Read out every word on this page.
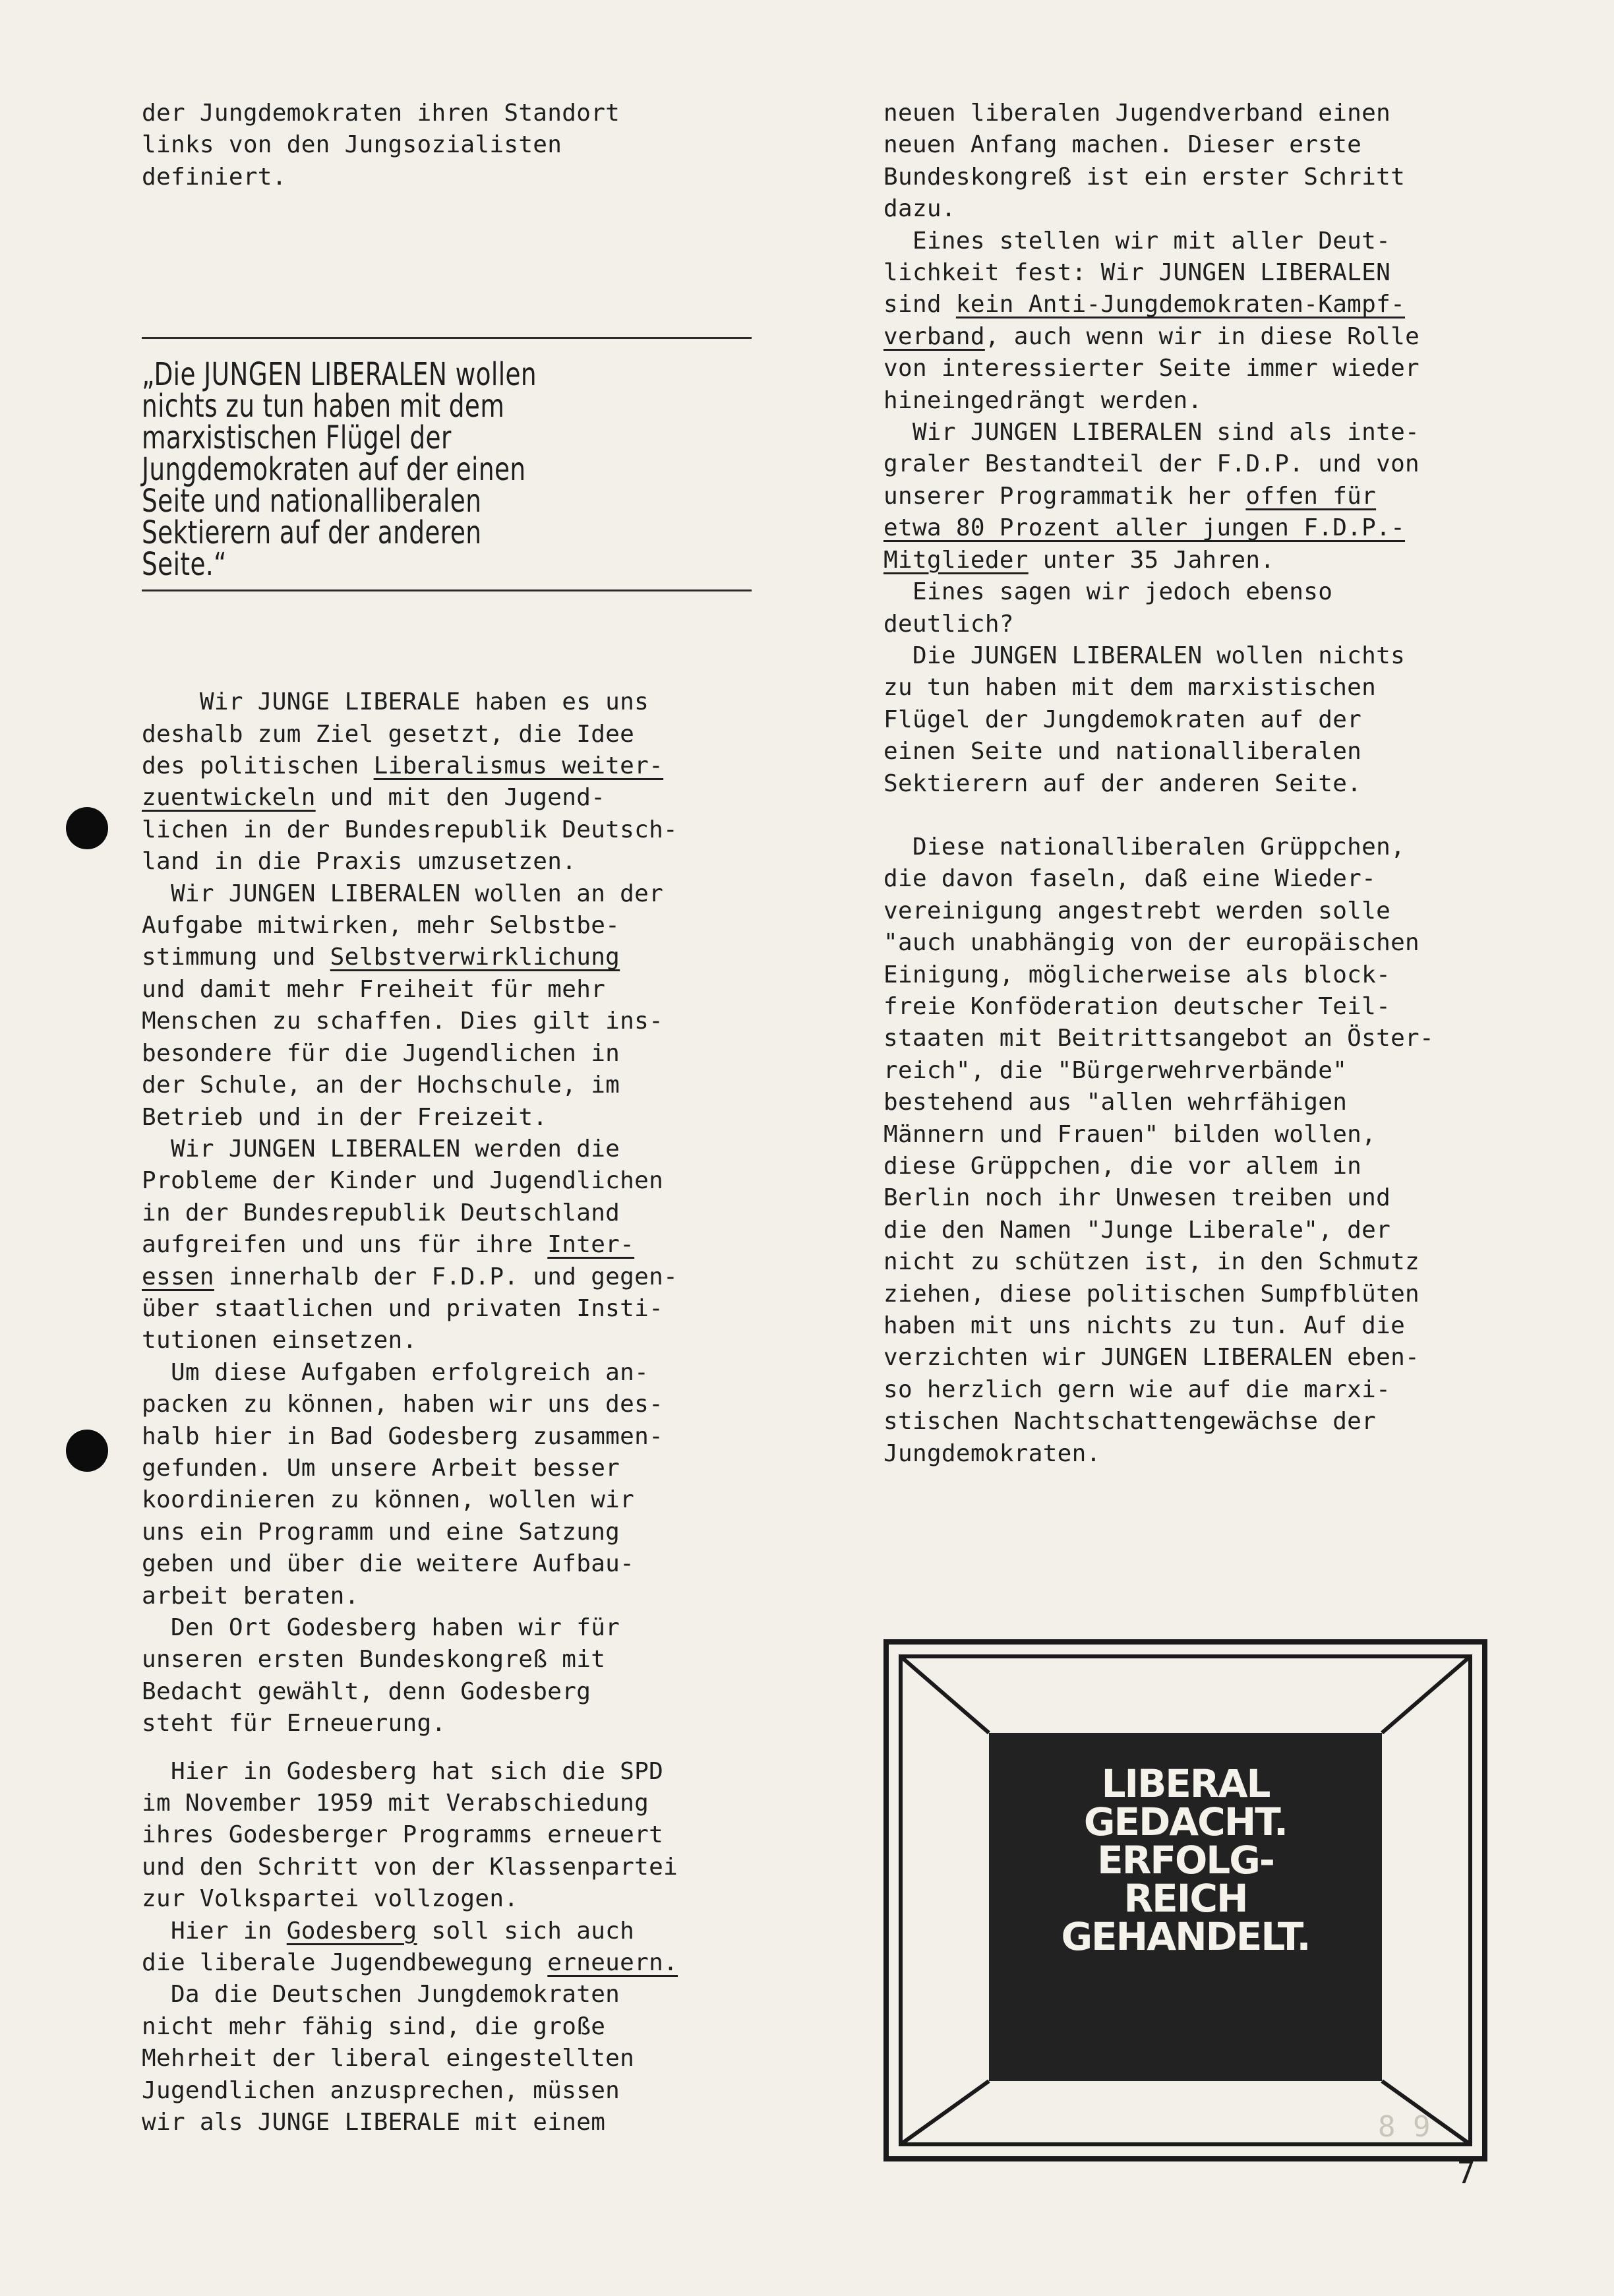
der Jungdemokraten ihren Standort

links von den Jungsozialisten

definiert.

„Die JUNGEN LIBERALEN wollen

nichts zu tun haben mit dem

marxistischen Flügel der

Jungdemokraten auf der einen

Seite und nationalliberalen

Sektierern auf der anderen

Seite.“

Wir JUNGE LIBERALE haben es uns

deshalb zum Ziel gesetzt, die Idee

des politischen Liberalismus weiter-

zuentwickeln und mit den Jugend-

lichen in der Bundesrepublik Deutsch-

land in die Praxis umzusetzen.

Wir JUNGEN LIBERALEN wollen an der

Aufgabe mitwirken, mehr Selbstbe-

stimmung und Selbstverwirklichung

und damit mehr Freiheit für mehr

Menschen zu schaffen. Dies gilt ins-

besondere für die Jugendlichen in

der Schule, an der Hochschule, im

Betrieb und in der Freizeit.

Wir JUNGEN LIBERALEN werden die

Probleme der Kinder und Jugendlichen

in der Bundesrepublik Deutschland

aufgreifen und uns für ihre Inter-

essen innerhalb der F.D.P. und gegen-

über staatlichen und privaten Insti-

tutionen einsetzen.

Um diese Aufgaben erfolgreich an-

packen zu können, haben wir uns des-

halb hier in Bad Godesberg zusammen-

gefunden. Um unsere Arbeit besser

koordinieren zu können, wollen wir

uns ein Programm und eine Satzung

geben und über die weitere Aufbau-

arbeit beraten.

Den Ort Godesberg haben wir für

unseren ersten Bundeskongreß mit

Bedacht gewählt, denn Godesberg

steht für Erneuerung.

Hier in Godesberg hat sich die SPD

im November 1959 mit Verabschiedung

ihres Godesberger Programms erneuert

und den Schritt von der Klassenpartei

zur Volkspartei vollzogen.

Hier in Godesberg soll sich auch

die liberale Jugendbewegung erneuern.

Da die Deutschen Jungdemokraten

nicht mehr fähig sind, die große

Mehrheit der liberal eingestellten

Jugendlichen anzusprechen, müssen

wir als JUNGE LIBERALE mit einem

neuen liberalen Jugendverband einen

neuen Anfang machen. Dieser erste

Bundeskongreß ist ein erster Schritt

dazu.

Eines stellen wir mit aller Deut-

lichkeit fest: Wir JUNGEN LIBERALEN

sind kein Anti-Jungdemokraten-Kampf-

verband, auch wenn wir in diese Rolle

von interessierter Seite immer wieder

hineingedrängt werden.

Wir JUNGEN LIBERALEN sind als inte-

graler Bestandteil der F.D.P. und von

unserer Programmatik her offen für

etwa 80 Prozent aller jungen F.D.P.-

Mitglieder unter 35 Jahren.

Eines sagen wir jedoch ebenso

deutlich?

Die JUNGEN LIBERALEN wollen nichts

zu tun haben mit dem marxistischen

Flügel der Jungdemokraten auf der

einen Seite und nationalliberalen

Sektierern auf der anderen Seite.

Diese nationalliberalen Grüppchen,

die davon faseln, daß eine Wieder-

vereinigung angestrebt werden solle

"auch unabhängig von der europäischen

Einigung, möglicherweise als block-

freie Konföderation deutscher Teil-

staaten mit Beitrittsangebot an Öster-

reich", die "Bürgerwehrverbände"

bestehend aus "allen wehrfähigen

Männern und Frauen" bilden wollen,

diese Grüppchen, die vor allem in

Berlin noch ihr Unwesen treiben und

die den Namen "Junge Liberale", der

nicht zu schützen ist, in den Schmutz

ziehen, diese politischen Sumpfblüten

haben mit uns nichts zu tun. Auf die

verzichten wir JUNGEN LIBERALEN eben-

so herzlich gern wie auf die marxi-

stischen Nachtschattengewächse der

Jungdemokraten.

LIBERAL
GEDACHT.
ERFOLG-
REICH
GEHANDELT.
8 9
7
